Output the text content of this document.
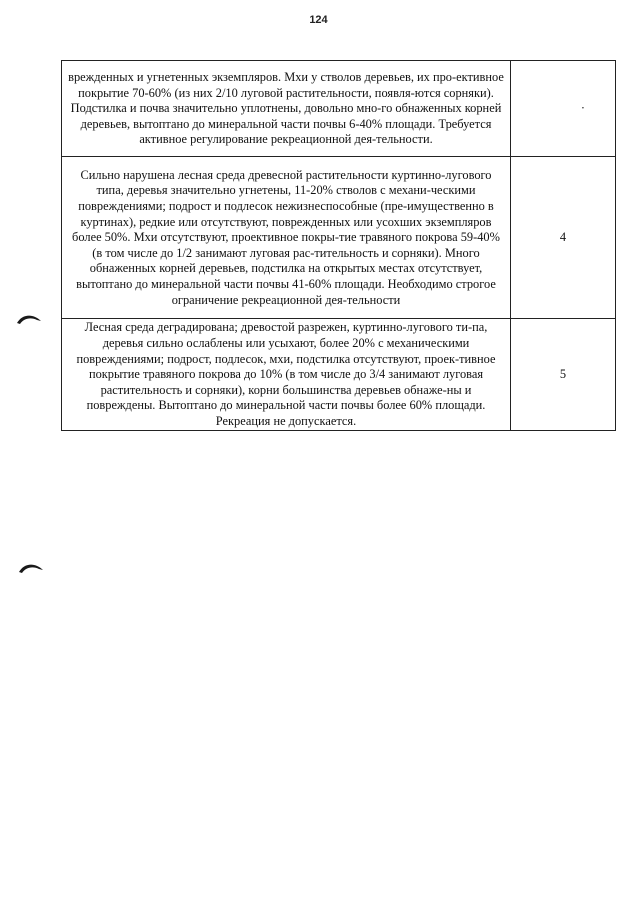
124
врежденных и угнетенных экземпляров. Мхи у стволов деревьев, их про-ективное покрытие 70-60% (из них 2/10 луговой растительности, появля-ются сорняки). Подстилка и почва значительно уплотнены, довольно мно-го обнаженных корней деревьев, вытоптано до минеральной части почвы 6-40% площади. Требуется активное регулирование рекреационной дея-тельности.	·
Сильно нарушена лесная среда древесной растительности куртинно-лугового типа, деревья значительно угнетены, 11-20% стволов с механи-ческими повреждениями; подрост и подлесок нежизнеспособные (пре-имущественно в куртинах), редкие или отсутствуют, поврежденных или усохших экземпляров более 50%. Мхи отсутствуют, проективное покры-тие травяного покрова 59-40% (в том числе до 1/2 занимают луговая рас-тительность и сорняки). Много обнаженных корней деревьев, подстилка на открытых местах отсутствует, вытоптано до минеральной части почвы 41-60% площади. Необходимо строгое ограничение рекреационной дея-тельности	4
Лесная среда деградирована; древостой разрежен, куртинно-лугового ти-па, деревья сильно ослаблены или усыхают, более 20% с механическими повреждениями; подрост, подлесок, мхи, подстилка отсутствуют, проек-тивное покрытие травяного покрова до 10% (в том числе до 3/4 занимают луговая растительность и сорняки), корни большинства деревьев обнаже-ны и повреждены. Вытоптано до минеральной части почвы более 60% площади. Рекреация не допускается.	5
